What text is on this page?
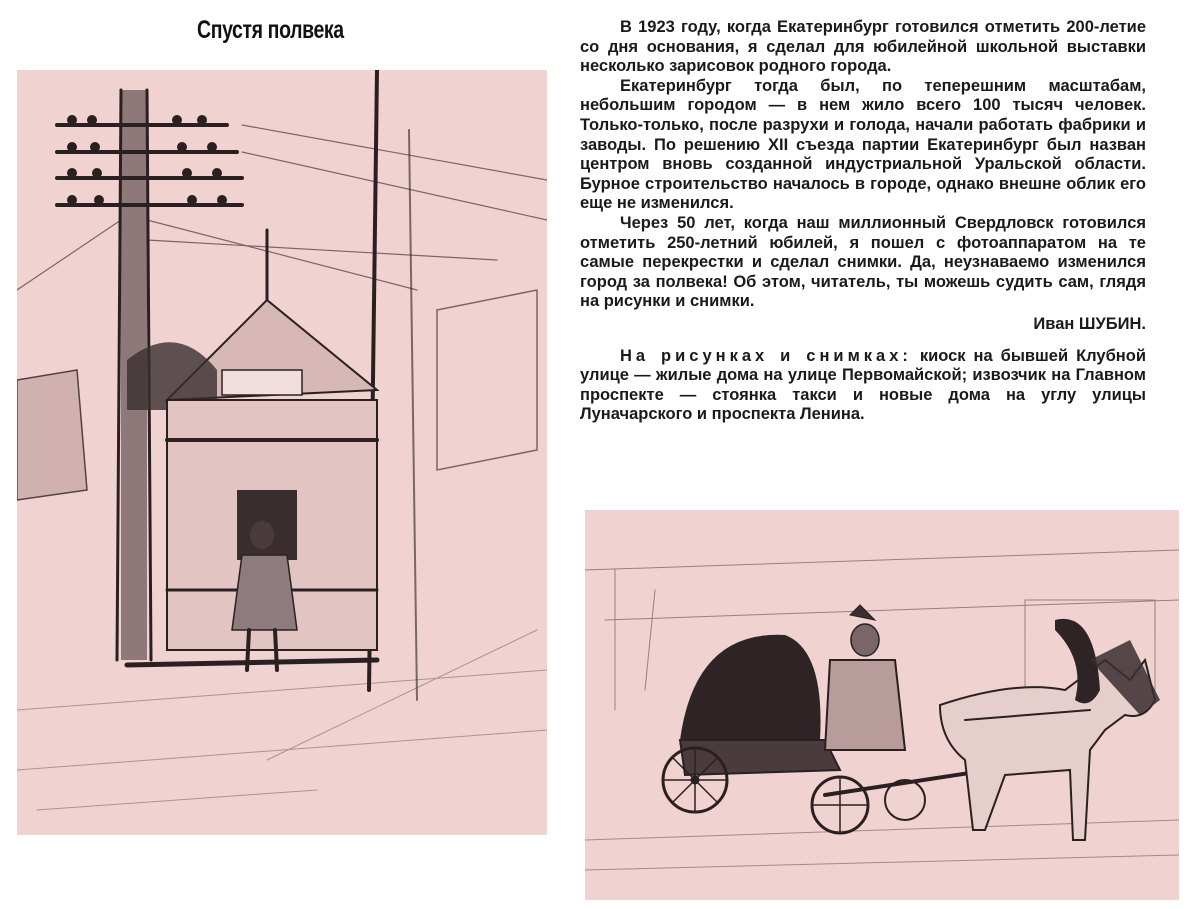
Спустя полвека	В 1923 году, когда Екатеринбург готовился отметить 200-летие со дня основания, я сделал для юбилейной школьной выставки несколько зарисовок родного города.

Екатеринбург тогда был, по теперешним масштабам, небольшим городом — в нем жило всего 100 тысяч человек. Только-только, после разрухи и голода, начали работать фабрики и заводы. По решению XII съезда партии Екатеринбург был назван центром вновь созданной индустриальной Уральской области. Бурное строительство началось в городе, однако внешне облик его еще не изменился.

Через 50 лет, когда наш миллионный Свердловск готовился отметить 250-летний юбилей, я пошел с фотоаппаратом на те самые перекрестки и сделал снимки. Да, неузнаваемо изменился город за полвека! Об этом, читатель, ты можешь судить сам, глядя на рисунки и снимки.

Иван ШУБИН.

На рисунках и снимках: киоск на бывшей Клубной улице — жилые дома на улице Первомайской; извозчик на Главном проспекте — стоянка такси и новые дома на углу улицы Луначарского и проспекта Ленина.
